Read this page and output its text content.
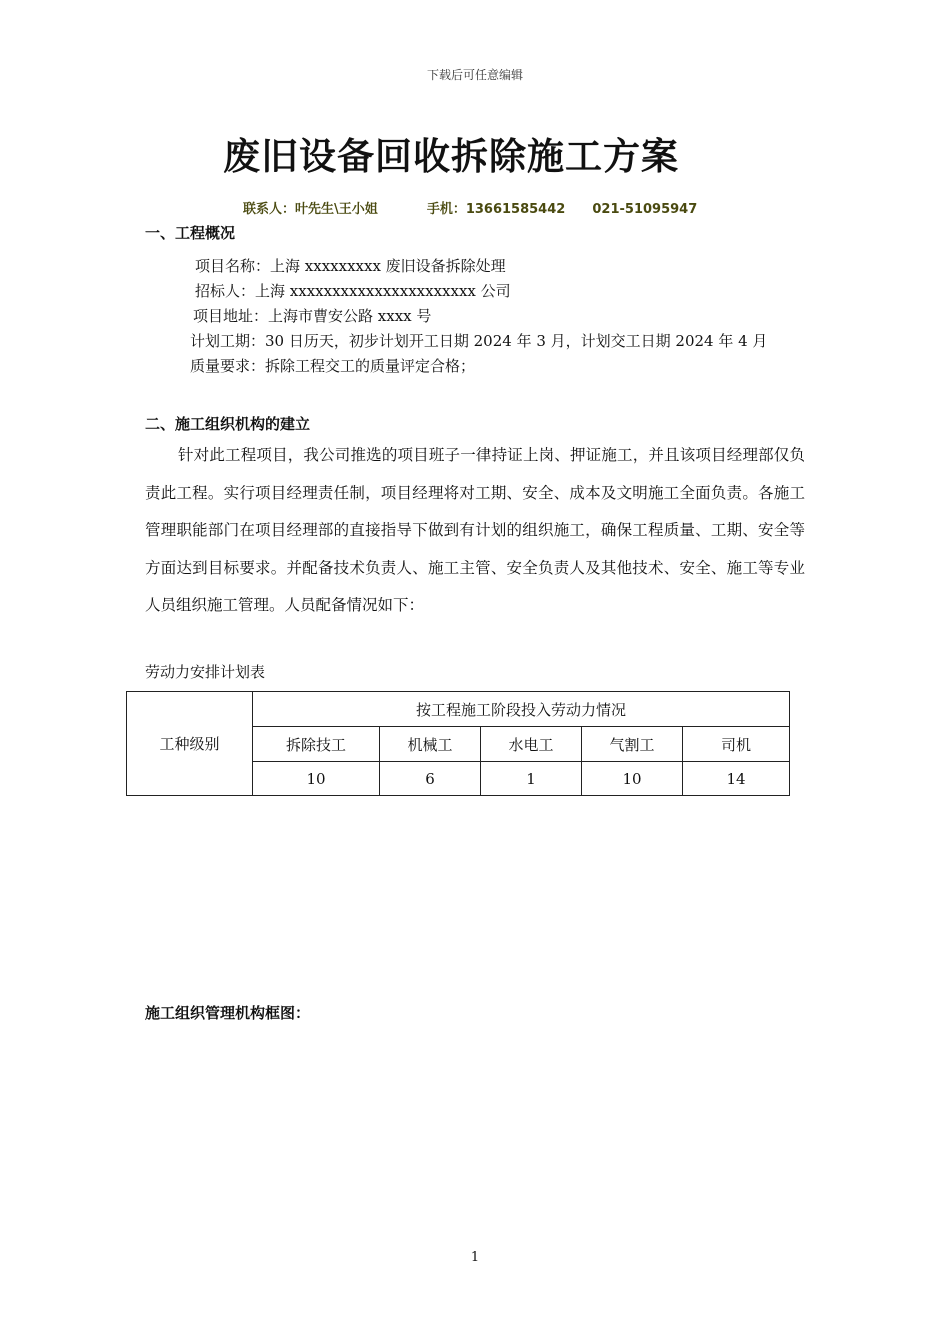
下载后可任意编辑
废旧设备回收拆除施工方案
联系人：叶先生\王小姐	手机：13661585442 021-51095947
一、工程概况
项目名称：上海 xxxxxxxxx 废旧设备拆除处理
招标人：上海 xxxxxxxxxxxxxxxxxxxxxx 公司
项目地址：上海市曹安公路 xxxx 号
计划工期：30 日历天，初步计划开工日期 2024 年 3 月，计划交工日期 2024 年 4 月
质量要求：拆除工程交工的质量评定合格；
二、施工组织机构的建立
针对此工程项目，我公司推选的项目班子一律持证上岗、押证施工，并且该项目经理部仅负责此工程。实行项目经理责任制，项目经理将对工期、安全、成本及文明施工全面负责。各施工管理职能部门在项目经理部的直接指导下做到有计划的组织施工，确保工程质量、工期、安全等方面达到目标要求。并配备技术负责人、施工主管、安全负责人及其他技术、安全、施工等专业人员组织施工管理。人员配备情况如下：
劳动力安排计划表
工种级别	按工程施工阶段投入劳动力情况				
	拆除技工	机械工	水电工	气割工	司机
	10	6	1	10	14
施工组织管理机构框图：
1
